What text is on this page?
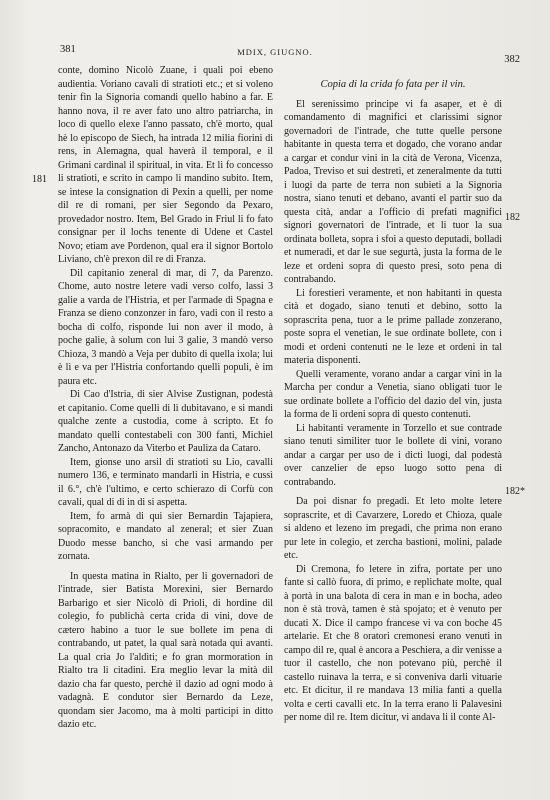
381	MDIX, GIUGNO.
382
181
182
182*

conte, domino Nicolò Zuane, i quali poi ebeno audientia. Voriano cavali di stratioti etc.; et si voleno tenir fin la Signoria comandi quello habino a far. E hanno nova, il re aver fato uno altro patriarcha, in loco di quello elexe l'anno passato, ch'è morto, qual hè lo episcopo de Siech, ha intrada 12 milia fiorini di rens, in Alemagna, qual haverà il temporal, e il Grimani cardinal il spiritual, in vita. Et li fo concesso li stratioti, e scrito in campo li mandino subito. Item, se intese la consignation di Pexin a quelli, per nome dil re di romani, per sier Segondo da Pexaro, provedador nostro. Item, Bel Grado in Friul li fo fato consignar per il lochs tenente di Udene et Castel Novo; etiam ave Pordenon, qual era il signor Bortolo Liviano, ch'è prexon dil re di Franza.

Dil capitanio zeneral di mar, di 7, da Parenzo. Chome, auto nostre letere vadi verso colfo, lassi 3 galie a varda de l'Histria, et per l'armade di Spagna e Franza se dieno conzonzer in faro, vadi con il resto a bocha di colfo, risponde lui non aver il modo, à poche galie, à solum con lui 3 galie, 3 mandò verso Chioza, 3 mandò a Veja per dubito di quella ixola; lui è lì e va per l'Histria confortando quelli populi, è im paura etc.

Di Cao d'Istria, di sier Alvise Zustignan, podestà et capitanio. Come quelli di lì dubitavano, e si mandi qualche zente a custodia, come à scripto. Et fo mandato quelli contestabeli con 300 fanti, Michiel Zancho, Antonazo da Viterbo et Pauliza da Cataro.

Item, gionse uno arsil di stratioti su Lio, cavalli numero 136, e terminato mandarli in Histria, e cussì il 6.°, ch'è l'ultimo, e certo schierazo di Corfù con cavali, qual di di in di si aspetta.

Item, fo armà di qui sier Bernardin Tajapiera, sopracomito, e mandato al zeneral; et sier Zuan Duodo messe bancho, si che vasi armando per zornata.

In questa matina in Rialto, per li governadori de l'intrade, sier Batista Morexini, sier Bernardo Barbarigo et sier Nicolò di Prioli, di hordine dil colegio, fo publichà certa crida di vini, dove de cætero habino a tuor le sue bollete im pena di contrabando, ut patet, la qual sarà notada qui avanti. La qual cria Jo l'aldìti; e fo gran mormoration in Rialto tra li citadini. Era meglio levar la mità dil dazio cha far questo, perchè il dazio ad ogni modo à vadagnà. E condutor sier Bernardo da Leze, quondam sier Jacomo, ma à molti participi in ditto dazio etc.

Copia di la crida fo fata per il vin.

El serenissimo principe vi fa asaper, et è di comandamento di magnifici et clarissimi signor governadori de l'intrade, che tutte quelle persone habitante in questa terra et dogado, che vorano andar a cargar et condur vini in la cità de Verona, Vicenza, Padoa, Treviso et sui destreti, et zeneralmente da tutti i luogi da parte de terra non subieti a la Signoria nostra, siano tenuti et debano, avanti el partir suo da questa cità, andar a l'officio di prefati magnifici signori governatori de l'intrade, et li tuor la sua ordinata bolleta, sopra i sfoi a questo deputadi, bolladi et numeradi, et dar le sue segurtà, justa la forma de le leze et ordeni sopra di questo presi, soto pena di contrabando.

Li forestieri veramente, et non habitanti in questa cità et dogado, siano tenuti et debino, sotto la soprascrita pena, tuor a le prime pallade zonzerano, poste sopra el venetian, le sue ordinate bollete, con i modi et ordeni contenuti ne le leze et ordeni in tal materia disponenti.

Quelli veramente, vorano andar a cargar vini in la Marcha per condur a Venetia, siano obligati tuor le sue ordinate bollete a l'officio del dazio del vin, justa la forma de li ordeni sopra di questo contenuti.

Li habitanti veramente in Torzello et sue contrade siano tenuti similiter tuor le bollete di vini, vorano andar a cargar per uso de i dicti luogi, dal podestà over canzelier de epso luogo sotto pena di contrabando.

Da poi disnar fo pregadi. Et leto molte letere soprascrite, et di Cavarzere, Loredo et Chioza, quale si aldeno et lezeno im pregadi, che prima non erano pur lete in colegio, et zercha bastioni, molini, palade etc.

Di Cremona, fo letere in zifra, portate per uno fante si callò fuora, di primo, e replichate molte, qual à portà in una balota di cera in man e in bocha, adeo non è stà trovà, tamen è stà spojato; et è venuto per ducati X. Dice il campo francese vi va con boche 45 artelarie. Et che 8 oratori cremonesi erano venuti in campo dil re, qual è ancora a Peschiera, a dir venisse a tuor il castello, che non potevano più, perchè il castello ruinava la terra, e si conveniva darli vituarie etc. Et dicitur, il re mandava 13 milia fanti a quella volta e certi cavalli etc. In la terra erano li Palavesini per nome dil re. Item dicitur, vi andava li il conte Al-
